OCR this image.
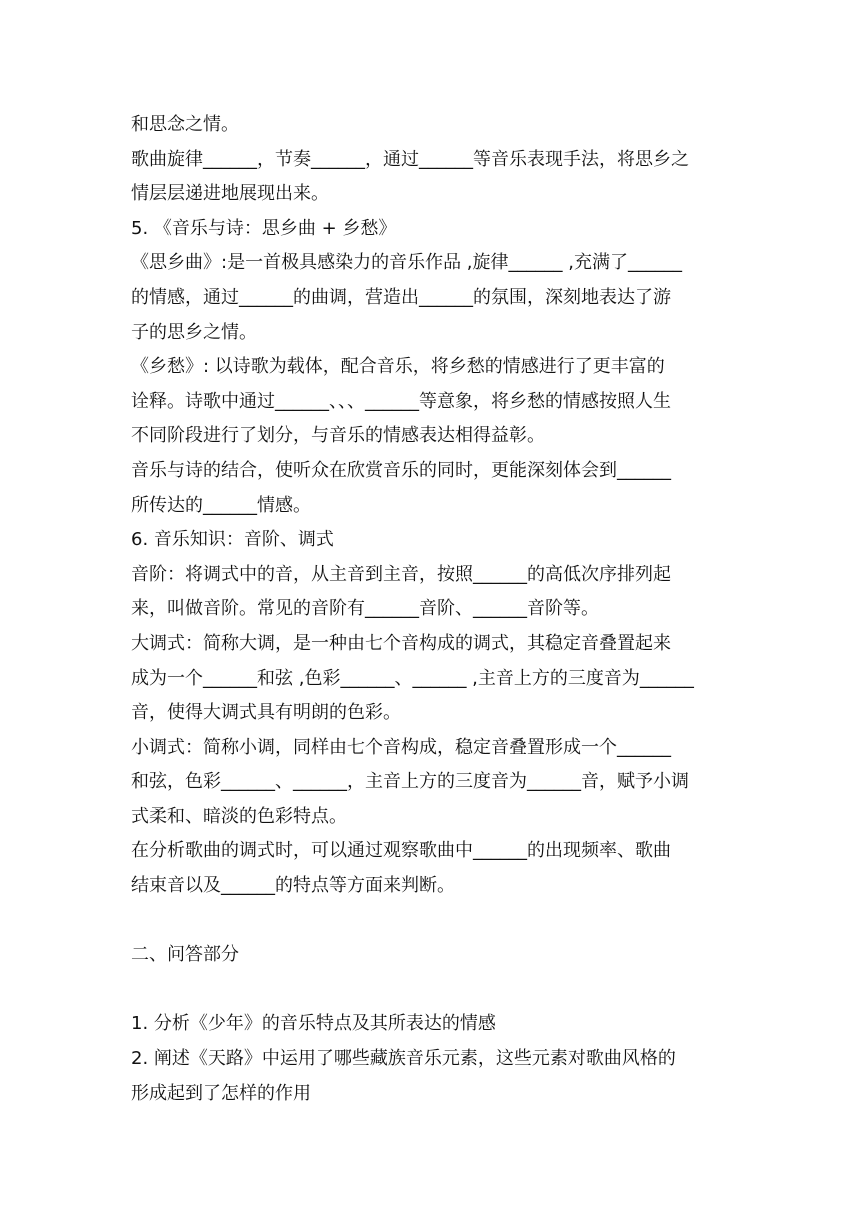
和思念之情。
歌曲旋律______，节奏______，通过______等音乐表现手法，将思乡之
情层层递进地展现出来。
5. 《音乐与诗：思乡曲 + 乡愁》
《思乡曲》:是一首极具感染力的音乐作品 ,旋律______ ,充满了______
的情感，通过______的曲调，营造出______的氛围，深刻地表达了游
子的思乡之情。
《乡愁》: 以诗歌为载体，配合音乐，将乡愁的情感进行了更丰富的
诠释。诗歌中通过______、、、______等意象，将乡愁的情感按照人生
不同阶段进行了划分，与音乐的情感表达相得益彰。
音乐与诗的结合，使听众在欣赏音乐的同时，更能深刻体会到______
所传达的______情感。
6. 音乐知识：音阶、调式
音阶：将调式中的音，从主音到主音，按照______的高低次序排列起
来，叫做音阶。常见的音阶有______音阶、______音阶等。
大调式：简称大调，是一种由七个音构成的调式，其稳定音叠置起来
成为一个______和弦 ,色彩______、______ ,主音上方的三度音为______
音，使得大调式具有明朗的色彩。
小调式：简称小调，同样由七个音构成，稳定音叠置形成一个______
和弦，色彩______、______，主音上方的三度音为______音，赋予小调
式柔和、暗淡的色彩特点。
在分析歌曲的调式时，可以通过观察歌曲中______的出现频率、歌曲
结束音以及______的特点等方面来判断。
二、问答部分
1. 分析《少年》的音乐特点及其所表达的情感
2. 阐述《天路》中运用了哪些藏族音乐元素，这些元素对歌曲风格的
形成起到了怎样的作用
